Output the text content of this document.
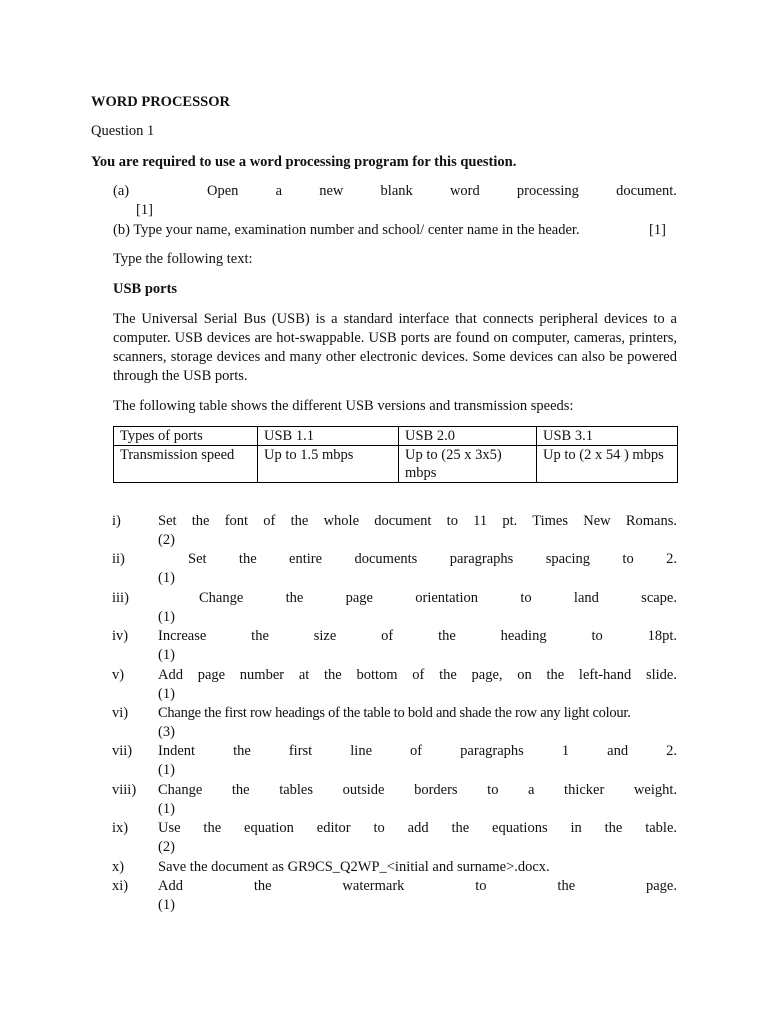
WORD PROCESSOR
Question 1
You are required to use a word processing program for this question.
(a)	Open	a	new	blank	word	processing	document.
[1]
(b) Type your name, examination number and school/ center name in the header.	[1]
Type the following text:
USB ports
The Universal Serial Bus (USB) is a standard interface that connects peripheral devices to a computer. USB devices are hot-swappable. USB ports are found on computer, cameras, printers, scanners, storage devices and many other electronic devices. Some devices can also be powered through the USB ports.
The following table shows the different USB versions and transmission speeds:
Types of ports	USB 1.1	USB 2.0	USB 3.1
Transmission speed	Up to 1.5 mbps	Up to (25 x 3x5) mbps	Up to (2 x 54 ) mbps
i)	Set the font of the whole document to 11 pt. Times New Romans.
(2)
ii)	Set the entire documents paragraphs spacing to 2.
(1)
iii)	Change the page orientation to land scape.
(1)
iv) Increase the size of the heading to 18pt.
(1)
v) Add page number at the bottom of the page, on the left-hand slide.
(1)
vi) Change the first row headings of the table to bold and shade the row any light colour.
(3)
vii) Indent the first line of paragraphs 1 and 2.
(1)
viii) Change the tables outside borders to a thicker weight.
(1)
ix) Use the equation editor to add the equations in the table.
(2)
x) Save the document as GR9CS_Q2WP_<initial and surname>.docx.
xi) Add the watermark to the page.
(1)
